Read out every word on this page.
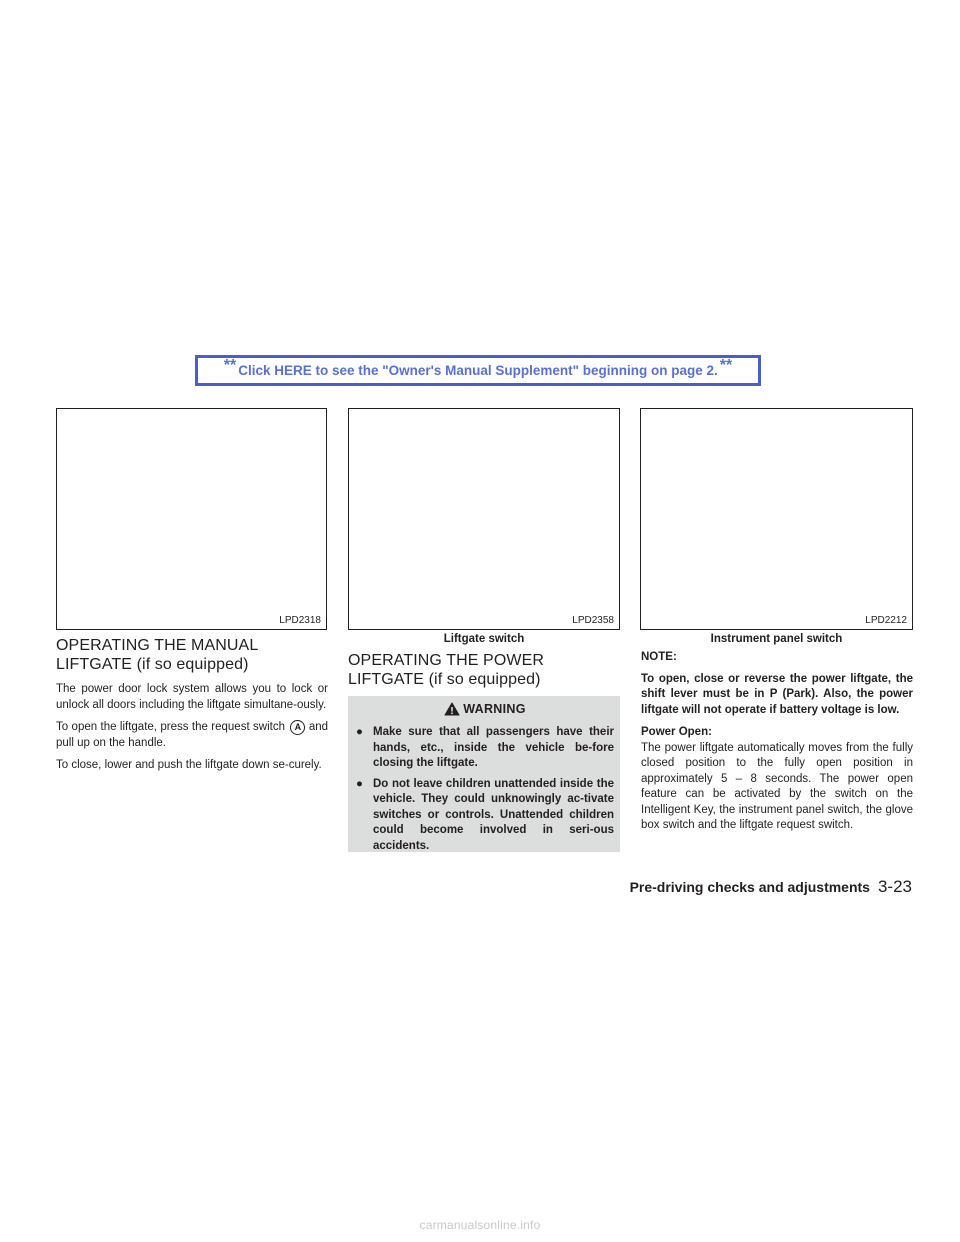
** Click HERE to see the "Owner's Manual Supplement" beginning on page 2. **
LPD2318	LPD2358	LPD2212
Liftgate switch	Instrument panel switch
OPERATING THE MANUAL LIFTGATE (if so equipped)

The power door lock system allows you to lock or unlock all doors including the liftgate simultane-ously.

To open the liftgate, press the request switch A and pull up on the handle.

To close, lower and push the liftgate down se-curely.

OPERATING THE POWER LIFTGATE (if so equipped)
WARNING
● Make sure that all passengers have their hands, etc., inside the vehicle be-fore closing the liftgate.
● Do not leave children unattended inside the vehicle. They could unknowingly ac-tivate switches or controls. Unattended children could become involved in seri-ous accidents.
NOTE:

To open, close or reverse the power liftgate, the shift lever must be in P (Park). Also, the power liftgate will not operate if battery voltage is low.

Power Open:

The power liftgate automatically moves from the fully closed position to the fully open position in approximately 5 – 8 seconds. The power open feature can be activated by the switch on the Intelligent Key, the instrument panel switch, the glove box switch and the liftgate request switch.

Pre-driving checks and adjustments 3-23
carmanualsonline.info
